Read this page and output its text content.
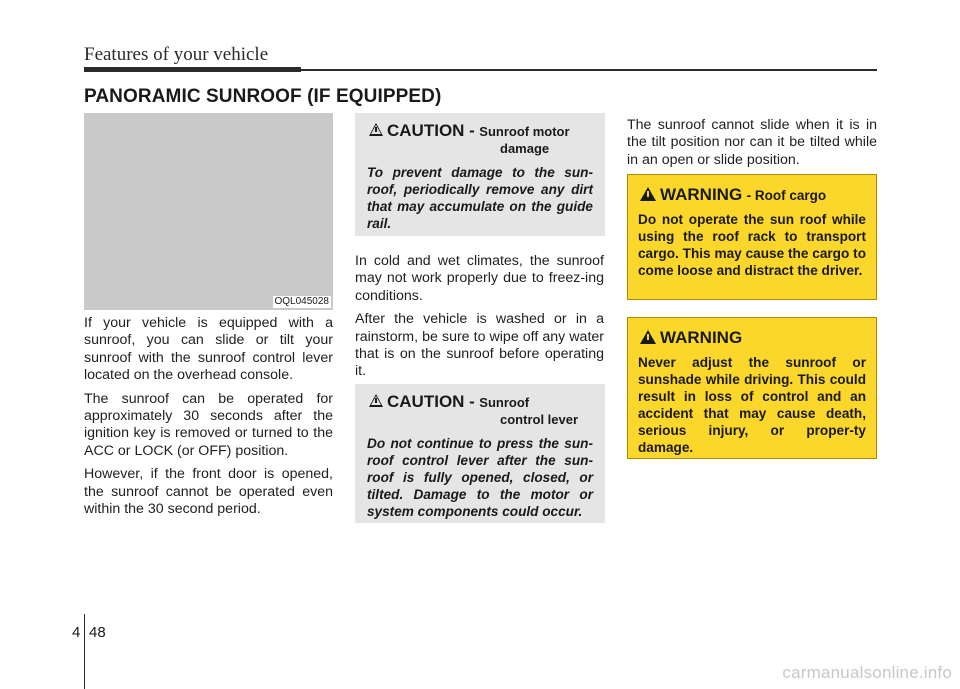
Features of your vehicle
PANORAMIC SUNROOF (IF EQUIPPED)
OQL045028

If your vehicle is equipped with a sunroof, you can slide or tilt your sunroof with the sunroof control lever located on the overhead console.

The sunroof can be operated for approximately 30 seconds after the ignition key is removed or turned to the ACC or LOCK (or OFF) position.

However, if the front door is opened, the sunroof cannot be operated even within the 30 second period.

CAUTION - Sunroof motor
damage
To prevent damage to the sun-roof, periodically remove any dirt that may accumulate on the guide rail.

In cold and wet climates, the sunroof may not work properly due to freez-ing conditions.

After the vehicle is washed or in a rainstorm, be sure to wipe off any water that is on the sunroof before operating it.

CAUTION - Sunroof
control lever
Do not continue to press the sun-roof control lever after the sun-roof is fully opened, closed, or tilted. Damage to the motor or system components could occur.

The sunroof cannot slide when it is in the tilt position nor can it be tilted while in an open or slide position.

WARNING - Roof cargo
Do not operate the sun roof while using the roof rack to transport cargo. This may cause the cargo to come loose and distract the driver.
WARNING
Never adjust the sunroof or sunshade while driving. This could result in loss of control and an accident that may cause death, serious injury, or proper-ty damage.
4 48
carmanualsonline.info
